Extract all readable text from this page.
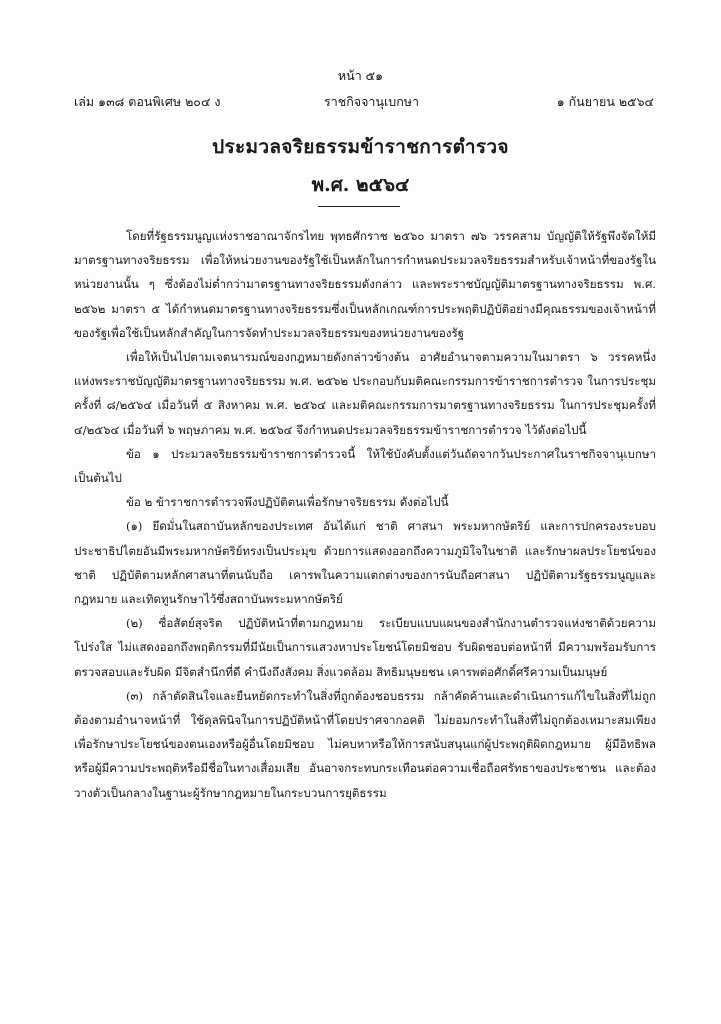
หน้า ๕๑
เล่ม ๑๓๘ ตอนพิเศษ ๒๐๔ ง	ราชกิจจานุเบกษา	๑ กันยายน ๒๕๖๔
ประมวลจริยธรรมข้าราชการตำรวจ
พ.ศ. ๒๕๖๔

โดยที่รัฐธรรมนูญแห่งราชอาณาจักรไทย พุทธศักราช ๒๕๖๐ มาตรา ๗๖ วรรคสาม บัญญัติให้รัฐพึงจัดให้มีมาตรฐานทางจริยธรรม เพื่อให้หน่วยงานของรัฐใช้เป็นหลักในการกำหนดประมวลจริยธรรมสำหรับเจ้าหน้าที่ของรัฐในหน่วยงานนั้น ๆ ซึ่งต้องไม่ต่ำกว่ามาตรฐานทางจริยธรรมดังกล่าว และพระราชบัญญัติมาตรฐานทางจริยธรรม พ.ศ. ๒๕๖๒ มาตรา ๕ ได้กำหนดมาตรฐานทางจริยธรรมซึ่งเป็นหลักเกณฑ์การประพฤติปฏิบัติอย่างมีคุณธรรมของเจ้าหน้าที่ของรัฐเพื่อใช้เป็นหลักสำคัญในการจัดทำประมวลจริยธรรมของหน่วยงานของรัฐ

เพื่อให้เป็นไปตามเจตนารมณ์ของกฎหมายดังกล่าวข้างต้น อาศัยอำนาจตามความในมาตรา ๖ วรรคหนึ่ง แห่งพระราชบัญญัติมาตรฐานทางจริยธรรม พ.ศ. ๒๕๖๒ ประกอบกับมติคณะกรรมการข้าราชการตำรวจ ในการประชุมครั้งที่ ๘/๒๕๖๔ เมื่อวันที่ ๕ สิงหาคม พ.ศ. ๒๕๖๔ และมติคณะกรรมการมาตรฐานทางจริยธรรม ในการประชุมครั้งที่ ๔/๒๕๖๔ เมื่อวันที่ ๖ พฤษภาคม พ.ศ. ๒๕๖๔ จึงกำหนดประมวลจริยธรรมข้าราชการตำรวจ ไว้ดังต่อไปนี้

ข้อ ๑ ประมวลจริยธรรมข้าราชการตำรวจนี้ ให้ใช้บังคับตั้งแต่วันถัดจากวันประกาศในราชกิจจานุเบกษาเป็นต้นไป

ข้อ ๒ ข้าราชการตำรวจพึงปฏิบัติตนเพื่อรักษาจริยธรรม ดังต่อไปนี้

(๑) ยึดมั่นในสถาบันหลักของประเทศ อันได้แก่ ชาติ ศาสนา พระมหากษัตริย์ และการปกครองระบอบประชาธิปไตยอันมีพระมหากษัตริย์ทรงเป็นประมุข ด้วยการแสดงออกถึงความภูมิใจในชาติ และรักษาผลประโยชน์ของชาติ ปฏิบัติตามหลักศาสนาที่ตนนับถือ เคารพในความแตกต่างของการนับถือศาสนา ปฏิบัติตามรัฐธรรมนูญและกฎหมาย และเทิดทูนรักษาไว้ซึ่งสถาบันพระมหากษัตริย์

(๒) ซื่อสัตย์สุจริต ปฏิบัติหน้าที่ตามกฎหมาย ระเบียบแบบแผนของสำนักงานตำรวจแห่งชาติด้วยความโปร่งใส ไม่แสดงออกถึงพฤติกรรมที่มีนัยเป็นการแสวงหาประโยชน์โดยมิชอบ รับผิดชอบต่อหน้าที่ มีความพร้อมรับการตรวจสอบและรับผิด มีจิตสำนึกที่ดี คำนึงถึงสังคม สิ่งแวดล้อม สิทธิมนุษยชน เคารพต่อศักดิ์ศรีความเป็นมนุษย์

(๓) กล้าตัดสินใจและยืนหยัดกระทำในสิ่งที่ถูกต้องชอบธรรม กล้าคัดค้านและดำเนินการแก้ไขในสิ่งที่ไม่ถูกต้องตามอำนาจหน้าที่ ใช้ดุลพินิจในการปฏิบัติหน้าที่โดยปราศจากอคติ ไม่ยอมกระทำในสิ่งที่ไม่ถูกต้องเหมาะสมเพียงเพื่อรักษาประโยชน์ของตนเองหรือผู้อื่นโดยมิชอบ ไม่คบหาหรือให้การสนับสนุนแก่ผู้ประพฤติผิดกฎหมาย ผู้มีอิทธิพล หรือผู้มีความประพฤติหรือมีชื่อในทางเสื่อมเสีย อันอาจกระทบกระเทือนต่อความเชื่อถือศรัทธาของประชาชน และต้องวางตัวเป็นกลางในฐานะผู้รักษากฎหมายในกระบวนการยุติธรรม
